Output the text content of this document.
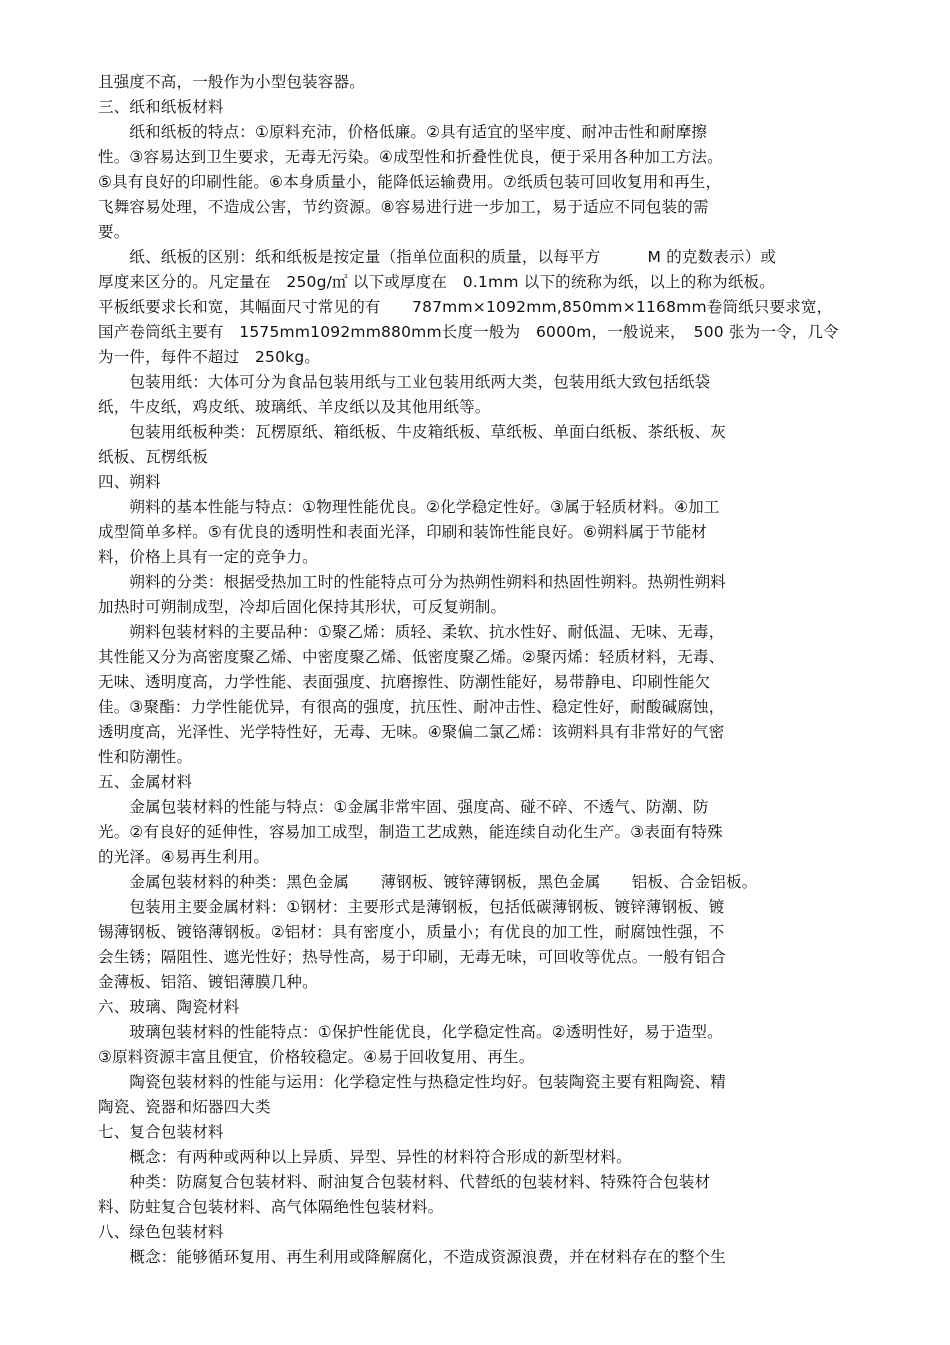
且强度不高，一般作为小型包装容器。
三、纸和纸板材料
　　纸和纸板的特点：①原料充沛，价格低廉。②具有适宜的坚牢度、耐冲击性和耐摩擦
性。③容易达到卫生要求，无毒无污染。④成型性和折叠性优良，便于采用各种加工方法。
⑤具有良好的印刷性能。⑥本身质量小，能降低运输费用。⑦纸质包装可回收复用和再生，
飞舞容易处理，不造成公害，节约资源。⑧容易进行进一步加工，易于适应不同包装的需
要。
　　纸、纸板的区别：纸和纸板是按定量（指单位面积的质量，以每平方　　　M 的克数表示）或
厚度来区分的。凡定量在　250g/㎡ 以下或厚度在　0.1mm 以下的统称为纸，以上的称为纸板。
平板纸要求长和宽，其幅面尺寸常见的有　　787mm×1092mm,850mm×1168mm卷筒纸只要求宽，
国产卷筒纸主要有　1575mm1092mm880mm长度一般为　6000m，一般说来，　500 张为一令，几令
为一件，每件不超过　250kg。
　　包装用纸：大体可分为食品包装用纸与工业包装用纸两大类，包装用纸大致包括纸袋
纸，牛皮纸，鸡皮纸、玻璃纸、羊皮纸以及其他用纸等。
　　包装用纸板种类：瓦楞原纸、箱纸板、牛皮箱纸板、草纸板、单面白纸板、茶纸板、灰
纸板、瓦楞纸板
四、朔料
　　朔料的基本性能与特点：①物理性能优良。②化学稳定性好。③属于轻质材料。④加工
成型简单多样。⑤有优良的透明性和表面光泽，印刷和装饰性能良好。⑥朔料属于节能材
料，价格上具有一定的竞争力。
　　朔料的分类：根据受热加工时的性能特点可分为热朔性朔料和热固性朔料。热朔性朔料
加热时可朔制成型，冷却后固化保持其形状，可反复朔制。
　　朔料包装材料的主要品种：①聚乙烯：质轻、柔软、抗水性好、耐低温、无味、无毒，
其性能又分为高密度聚乙烯、中密度聚乙烯、低密度聚乙烯。②聚丙烯：轻质材料，无毒、
无味、透明度高，力学性能、表面强度、抗磨擦性、防潮性能好，易带静电、印刷性能欠
佳。③聚酯：力学性能优异，有很高的强度，抗压性、耐冲击性、稳定性好，耐酸碱腐蚀，
透明度高，光泽性、光学特性好，无毒、无味。④聚偏二氯乙烯：该朔料具有非常好的气密
性和防潮性。
五、金属材料
　　金属包装材料的性能与特点：①金属非常牢固、强度高、碰不碎、不透气、防潮、防
光。②有良好的延伸性，容易加工成型，制造工艺成熟，能连续自动化生产。③表面有特殊
的光泽。④易再生利用。
　　金属包装材料的种类：黑色金属　　薄钢板、镀锌薄钢板，黑色金属　　铝板、合金铝板。
　　包装用主要金属材料：①钢材：主要形式是薄钢板，包括低碳薄钢板、镀锌薄钢板、镀
锡薄钢板、镀铬薄钢板。②铝材：具有密度小，质量小；有优良的加工性，耐腐蚀性强，不
会生锈；隔阻性、遮光性好；热导性高，易于印刷，无毒无味，可回收等优点。一般有铝合
金薄板、铝箔、镀铝薄膜几种。
六、玻璃、陶瓷材料
　　玻璃包装材料的性能特点：①保护性能优良，化学稳定性高。②透明性好，易于造型。
③原料资源丰富且便宜，价格较稳定。④易于回收复用、再生。
　　陶瓷包装材料的性能与运用：化学稳定性与热稳定性均好。包装陶瓷主要有粗陶瓷、精
陶瓷、瓷器和炻器四大类
七、复合包装材料
　　概念：有两种或两种以上异质、异型、异性的材料符合形成的新型材料。
　　种类：防腐复合包装材料、耐油复合包装材料、代替纸的包装材料、特殊符合包装材
料、防蛀复合包装材料、高气体隔绝性包装材料。
八、绿色包装材料
　　概念：能够循环复用、再生利用或降解腐化，不造成资源浪费，并在材料存在的整个生
